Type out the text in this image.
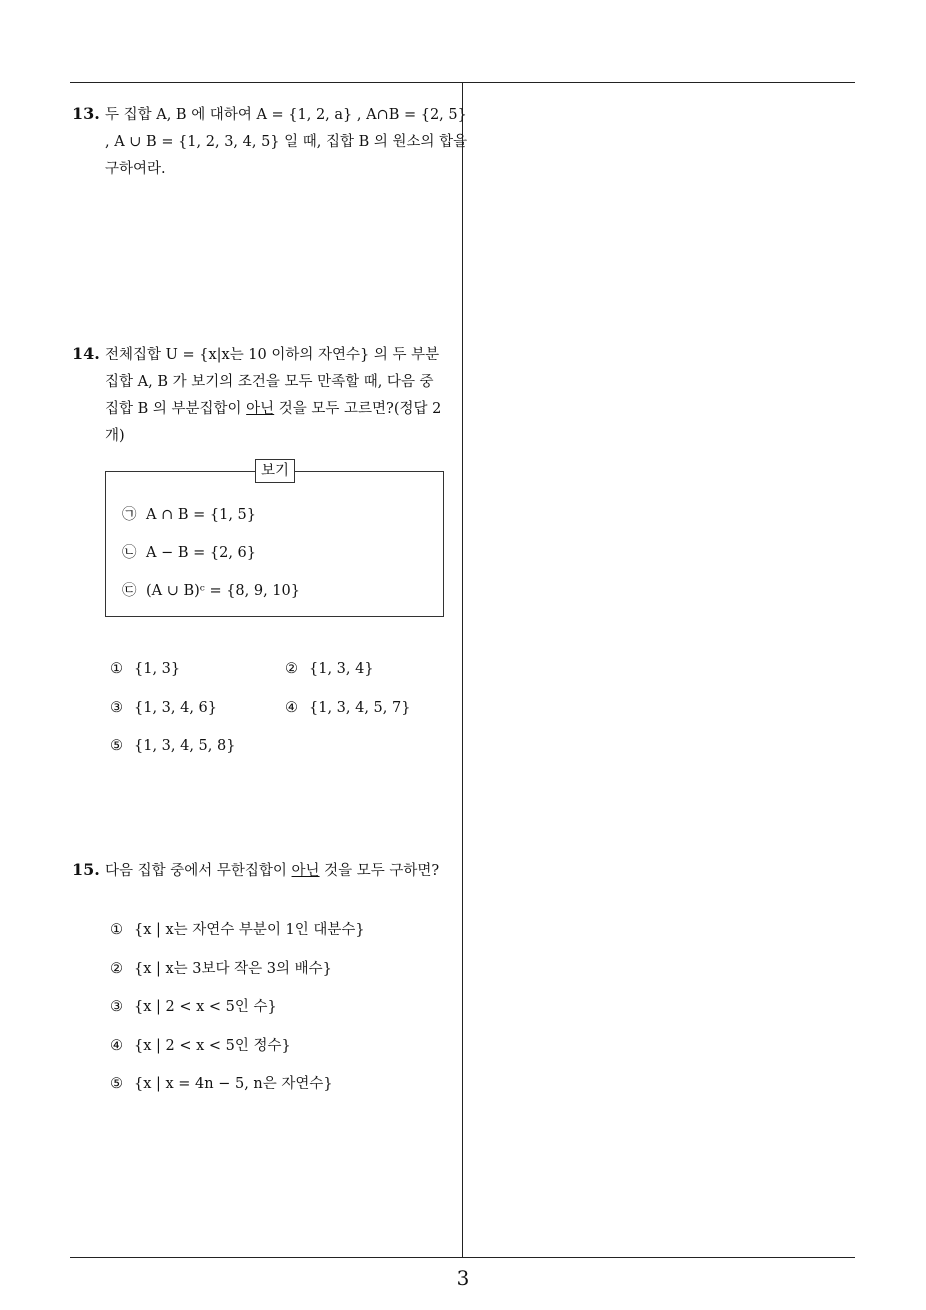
13. 두 집합 A, B 에 대하여 A = {1, 2, a} , A∩B = {2, 5}
, A ∪ B = {1, 2, 3, 4, 5} 일 때, 집합 B 의 원소의 합을
구하여라.
14. 전체집합 U = {x|x는 10 이하의 자연수} 의 두 부분
집합 A, B 가 보기의 조건을 모두 만족할 때, 다음 중
집합 B 의 부분집합이 아닌 것을 모두 고르면?(정답 2
개)
보기
㉠ A ∩ B = {1, 5}
㉡ A − B = {2, 6}
㉢ (A ∪ B)ᶜ = {8, 9, 10}
① {1, 3}	② {1, 3, 4}
③ {1, 3, 4, 6}	④ {1, 3, 4, 5, 7}
⑤ {1, 3, 4, 5, 8}
15. 다음 집합 중에서 무한집합이 아닌 것을 모두 구하면?
① {x | x는 자연수 부분이 1인 대분수}
② {x | x는 3보다 작은 3의 배수}
③ {x | 2 < x < 5인 수}
④ {x | 2 < x < 5인 정수}
⑤ {x | x = 4n − 5, n은 자연수}
3
